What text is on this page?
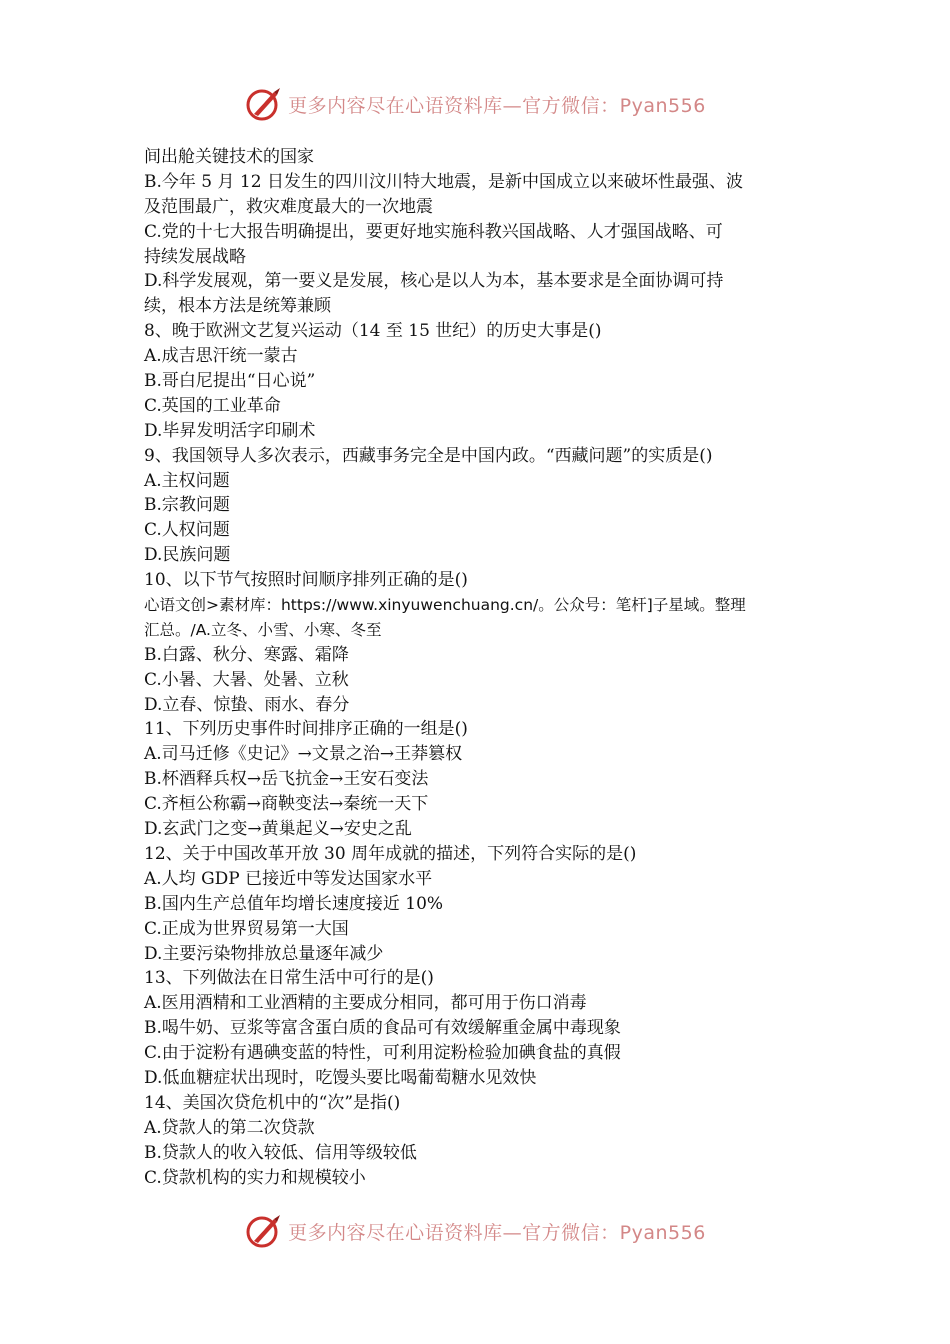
更多内容尽在心语资料库—官方微信：Pyan556
间出舱关键技术的国家
B.今年 5 月 12 日发生的四川汶川特大地震，是新中国成立以来破坏性最强、波
及范围最广，救灾难度最大的一次地震
C.党的十七大报告明确提出，要更好地实施科教兴国战略、人才强国战略、可
持续发展战略
D.科学发展观，第一要义是发展，核心是以人为本，基本要求是全面协调可持
续，根本方法是统筹兼顾
8、晚于欧洲文艺复兴运动（14 至 15 世纪）的历史大事是()
A.成吉思汗统一蒙古
B.哥白尼提出“日心说”
C.英国的工业革命
D.毕昇发明活字印刷术
9、我国领导人多次表示，西藏事务完全是中国内政。“西藏问题”的实质是()
A.主权问题
B.宗教问题
C.人权问题
D.民族问题
10、以下节气按照时间顺序排列正确的是()
心语文创>素材库：https://www.xinyuwenchuang.cn/。公众号：笔杆]子星域。整理
汇总。/A.立冬、小雪、小寒、冬至
B.白露、秋分、寒露、霜降
C.小暑、大暑、处暑、立秋
D.立春、惊蛰、雨水、春分
11、下列历史事件时间排序正确的一组是()
A.司马迁修《史记》→文景之治→王莽篡权
B.杯酒释兵权→岳飞抗金→王安石变法
C.齐桓公称霸→商鞅变法→秦统一天下
D.玄武门之变→黄巢起义→安史之乱
12、关于中国改革开放 30 周年成就的描述，下列符合实际的是()
A.人均 GDP 已接近中等发达国家水平
B.国内生产总值年均增长速度接近 10%
C.正成为世界贸易第一大国
D.主要污染物排放总量逐年减少
13、下列做法在日常生活中可行的是()
A.医用酒精和工业酒精的主要成分相同，都可用于伤口消毒
B.喝牛奶、豆浆等富含蛋白质的食品可有效缓解重金属中毒现象
C.由于淀粉有遇碘变蓝的特性，可利用淀粉检验加碘食盐的真假
D.低血糖症状出现时，吃馒头要比喝葡萄糖水见效快
14、美国次贷危机中的“次”是指()
A.贷款人的第二次贷款
B.贷款人的收入较低、信用等级较低
C.贷款机构的实力和规模较小
更多内容尽在心语资料库—官方微信：Pyan556
